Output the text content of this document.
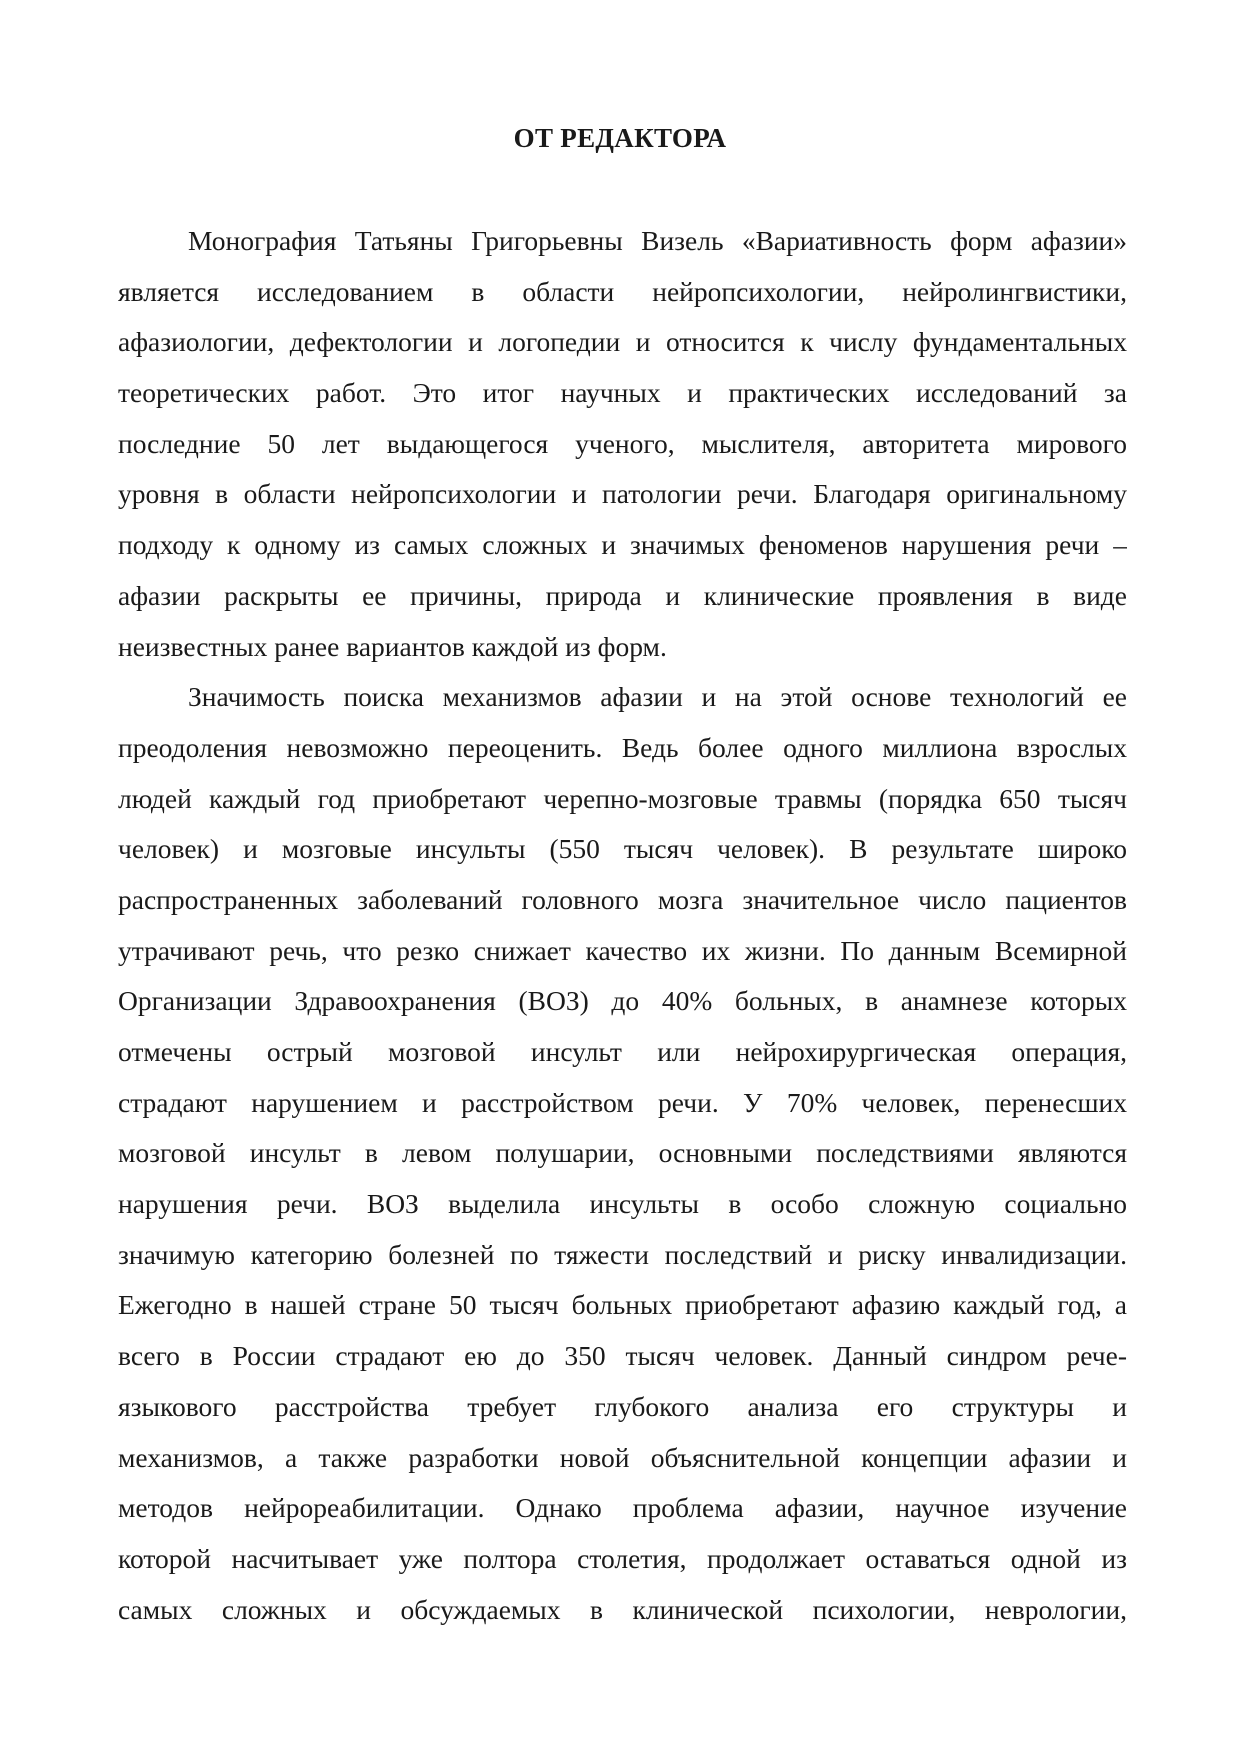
ОТ РЕДАКТОРА
Монография Татьяны Григорьевны Визель «Вариативность форм афазии»
является исследованием в области нейропсихологии, нейролингвистики,
афазиологии, дефектологии и логопедии и относится к числу фундаментальных
теоретических работ. Это итог научных и практических исследований за
последние 50 лет выдающегося ученого, мыслителя, авторитета мирового
уровня в области нейропсихологии и патологии речи. Благодаря оригинальному
подходу к одному из самых сложных и значимых феноменов нарушения речи –
афазии раскрыты ее причины, природа и клинические проявления в виде
неизвестных ранее вариантов каждой из форм.
Значимость поиска механизмов афазии и на этой основе технологий ее
преодоления невозможно переоценить. Ведь более одного миллиона взрослых
людей каждый год приобретают черепно-мозговые травмы (порядка 650 тысяч
человек) и мозговые инсульты (550 тысяч человек). В результате широко
распространенных заболеваний головного мозга значительное число пациентов
утрачивают речь, что резко снижает качество их жизни. По данным Всемирной
Организации Здравоохранения (ВОЗ) до 40% больных, в анамнезе которых
отмечены острый мозговой инсульт или нейрохирургическая операция,
страдают нарушением и расстройством речи. У 70% человек, перенесших
мозговой инсульт в левом полушарии, основными последствиями являются
нарушения речи. ВОЗ выделила инсульты в особо сложную социально
значимую категорию болезней по тяжести последствий и риску инвалидизации.
Ежегодно в нашей стране 50 тысяч больных приобретают афазию каждый год, а
всего в России страдают ею до 350 тысяч человек. Данный синдром рече-
языкового расстройства требует глубокого анализа его структуры и
механизмов, а также разработки новой объяснительной концепции афазии и
методов нейрореабилитации. Однако проблема афазии, научное изучение
которой насчитывает уже полтора столетия, продолжает оставаться одной из
самых сложных и обсуждаемых в клинической психологии, неврологии,
